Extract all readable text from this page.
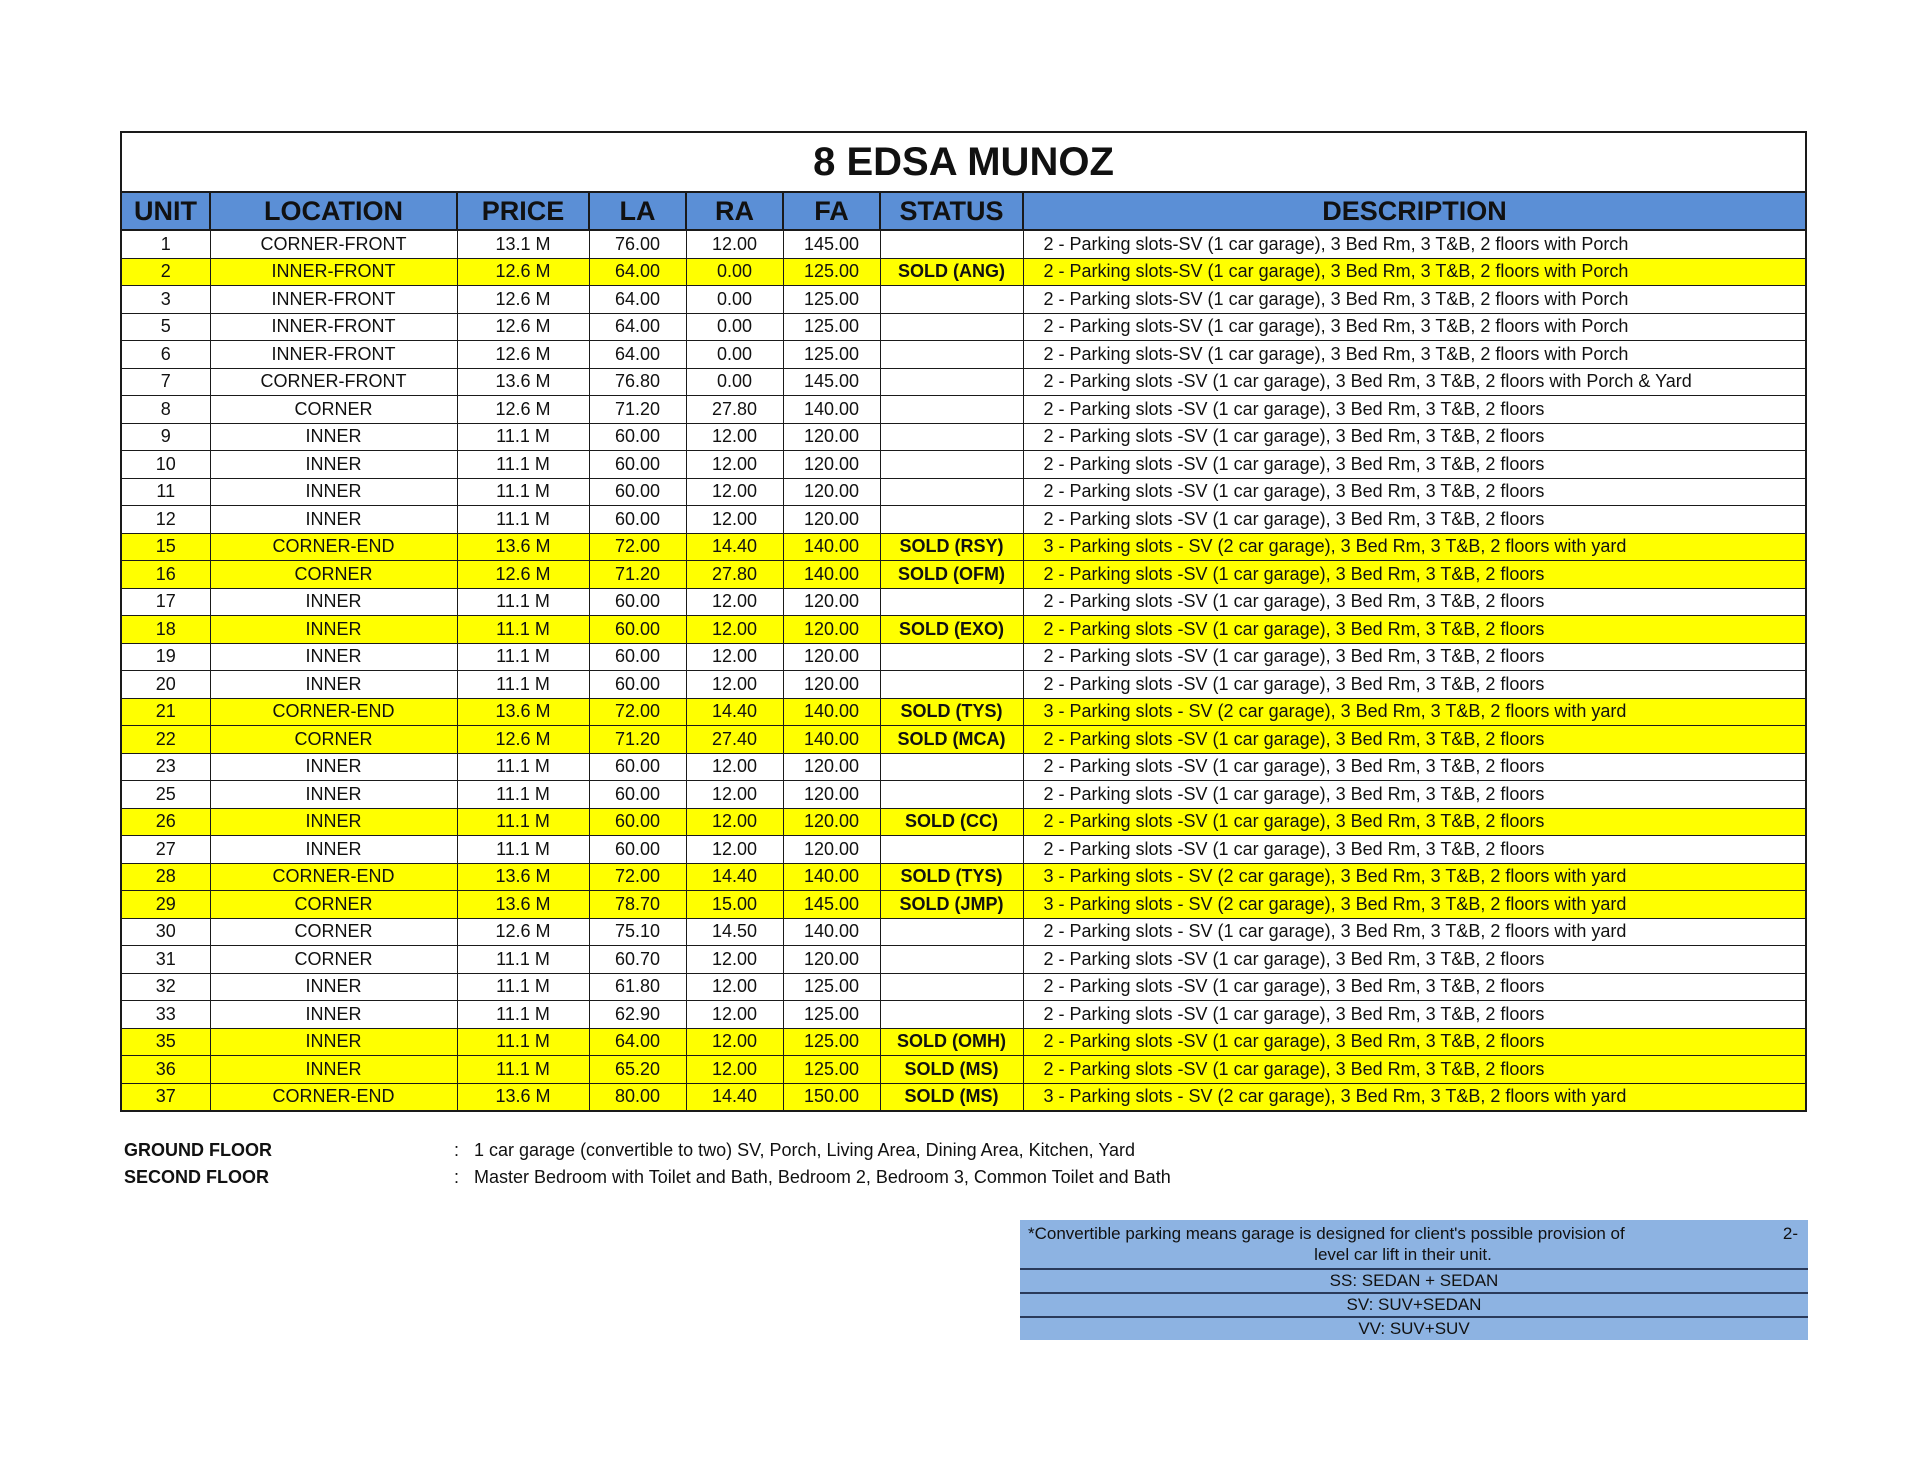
8 EDSA MUNOZ
UNIT	LOCATION	PRICE	LA	RA	FA	STATUS	DESCRIPTION
1	CORNER-FRONT	13.1 M	76.00	12.00	145.00		2 - Parking slots-SV (1 car garage), 3 Bed Rm, 3 T&B, 2 floors with Porch
2	INNER-FRONT	12.6 M	64.00	0.00	125.00	SOLD (ANG)	2 - Parking slots-SV (1 car garage), 3 Bed Rm, 3 T&B, 2 floors with Porch
3	INNER-FRONT	12.6 M	64.00	0.00	125.00		2 - Parking slots-SV (1 car garage), 3 Bed Rm, 3 T&B, 2 floors with Porch
5	INNER-FRONT	12.6 M	64.00	0.00	125.00		2 - Parking slots-SV (1 car garage), 3 Bed Rm, 3 T&B, 2 floors with Porch
6	INNER-FRONT	12.6 M	64.00	0.00	125.00		2 - Parking slots-SV (1 car garage), 3 Bed Rm, 3 T&B, 2 floors with Porch
7	CORNER-FRONT	13.6 M	76.80	0.00	145.00		2 - Parking slots -SV (1 car garage), 3 Bed Rm, 3 T&B, 2 floors with Porch & Yard
8	CORNER	12.6 M	71.20	27.80	140.00		2 - Parking slots -SV (1 car garage), 3 Bed Rm, 3 T&B, 2 floors
9	INNER	11.1 M	60.00	12.00	120.00		2 - Parking slots -SV (1 car garage), 3 Bed Rm, 3 T&B, 2 floors
10	INNER	11.1 M	60.00	12.00	120.00		2 - Parking slots -SV (1 car garage), 3 Bed Rm, 3 T&B, 2 floors
11	INNER	11.1 M	60.00	12.00	120.00		2 - Parking slots -SV (1 car garage), 3 Bed Rm, 3 T&B, 2 floors
12	INNER	11.1 M	60.00	12.00	120.00		2 - Parking slots -SV (1 car garage), 3 Bed Rm, 3 T&B, 2 floors
15	CORNER-END	13.6 M	72.00	14.40	140.00	SOLD (RSY)	3 - Parking slots - SV (2 car garage), 3 Bed Rm, 3 T&B, 2 floors with yard
16	CORNER	12.6 M	71.20	27.80	140.00	SOLD (OFM)	2 - Parking slots -SV (1 car garage), 3 Bed Rm, 3 T&B, 2 floors
17	INNER	11.1 M	60.00	12.00	120.00		2 - Parking slots -SV (1 car garage), 3 Bed Rm, 3 T&B, 2 floors
18	INNER	11.1 M	60.00	12.00	120.00	SOLD (EXO)	2 - Parking slots -SV (1 car garage), 3 Bed Rm, 3 T&B, 2 floors
19	INNER	11.1 M	60.00	12.00	120.00		2 - Parking slots -SV (1 car garage), 3 Bed Rm, 3 T&B, 2 floors
20	INNER	11.1 M	60.00	12.00	120.00		2 - Parking slots -SV (1 car garage), 3 Bed Rm, 3 T&B, 2 floors
21	CORNER-END	13.6 M	72.00	14.40	140.00	SOLD (TYS)	3 - Parking slots - SV (2 car garage), 3 Bed Rm, 3 T&B, 2 floors with yard
22	CORNER	12.6 M	71.20	27.40	140.00	SOLD (MCA)	2 - Parking slots -SV (1 car garage), 3 Bed Rm, 3 T&B, 2 floors
23	INNER	11.1 M	60.00	12.00	120.00		2 - Parking slots -SV (1 car garage), 3 Bed Rm, 3 T&B, 2 floors
25	INNER	11.1 M	60.00	12.00	120.00		2 - Parking slots -SV (1 car garage), 3 Bed Rm, 3 T&B, 2 floors
26	INNER	11.1 M	60.00	12.00	120.00	SOLD (CC)	2 - Parking slots -SV (1 car garage), 3 Bed Rm, 3 T&B, 2 floors
27	INNER	11.1 M	60.00	12.00	120.00		2 - Parking slots -SV (1 car garage), 3 Bed Rm, 3 T&B, 2 floors
28	CORNER-END	13.6 M	72.00	14.40	140.00	SOLD (TYS)	3 - Parking slots - SV (2 car garage), 3 Bed Rm, 3 T&B, 2 floors with yard
29	CORNER	13.6 M	78.70	15.00	145.00	SOLD (JMP)	3 - Parking slots - SV (2 car garage), 3 Bed Rm, 3 T&B, 2 floors with yard
30	CORNER	12.6 M	75.10	14.50	140.00		2 - Parking slots - SV (1 car garage), 3 Bed Rm, 3 T&B, 2 floors with yard
31	CORNER	11.1 M	60.70	12.00	120.00		2 - Parking slots -SV (1 car garage), 3 Bed Rm, 3 T&B, 2 floors
32	INNER	11.1 M	61.80	12.00	125.00		2 - Parking slots -SV (1 car garage), 3 Bed Rm, 3 T&B, 2 floors
33	INNER	11.1 M	62.90	12.00	125.00		2 - Parking slots -SV (1 car garage), 3 Bed Rm, 3 T&B, 2 floors
35	INNER	11.1 M	64.00	12.00	125.00	SOLD (OMH)	2 - Parking slots -SV (1 car garage), 3 Bed Rm, 3 T&B, 2 floors
36	INNER	11.1 M	65.20	12.00	125.00	SOLD (MS)	2 - Parking slots -SV (1 car garage), 3 Bed Rm, 3 T&B, 2 floors
37	CORNER-END	13.6 M	80.00	14.40	150.00	SOLD (MS)	3 - Parking slots - SV (2 car garage), 3 Bed Rm, 3 T&B, 2 floors with yard
GROUND FLOOR	: 1 car garage (convertible to two) SV, Porch, Living Area, Dining Area, Kitchen, Yard
SECOND FLOOR	: Master Bedroom with Toilet and Bath, Bedroom 2, Bedroom 3, Common Toilet and Bath
*Convertible parking means garage is designed for client's possible provision of
level car lift in their unit.
2-
SS: SEDAN + SEDAN
SV: SUV+SEDAN
VV: SUV+SUV
